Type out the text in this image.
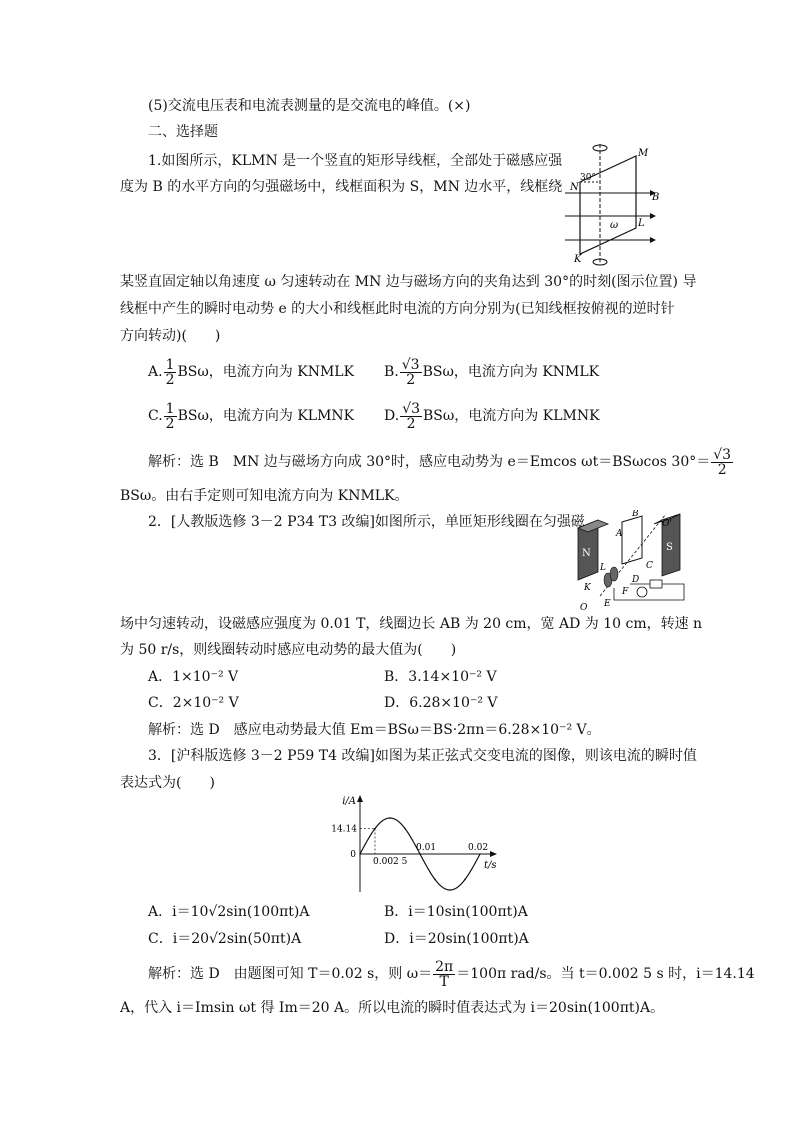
(5)交流电压表和电流表测量的是交流电的峰值。(×)
二、选择题
1.如图所示，KLMN 是一个竖直的矩形导线框，全部处于磁感应强
度为 B 的水平方向的匀强磁场中，线框面积为 S，MN 边水平，线框绕
30°
M
N
B
L
K
ω
某竖直固定轴以角速度 ω 匀速转动在 MN 边与磁场方向的夹角达到 30°的时刻(图示位置) 导
线框中产生的瞬时电动势 e 的大小和线框此时电流的方向分别为(已知线框按俯视的逆时针
方向转动)(　　)
A. $\frac{1}{2}$ BSω，电流方向为 KNMLK B. $\frac{√3}{2}$ BSω，电流方向为 KNMLK
C. $\frac{1}{2}$ BSω，电流方向为 KLMNK D. $\frac{√3}{2}$ BSω，电流方向为 KLMNK
解析：选 B　MN 边与磁场方向成 30°时，感应电动势为 e＝Emcos ωt＝BSωcos $30^\circ= \frac{√3}{2}$
BSω。由右手定则可知电流方向为 KNMLK。
2．[人教版选修 3－2 P34 T3 改编]如图所示，单匝矩形线圈在匀强磁
N
S
B
A
C
D
O'
K
L
E
F
O
场中匀速转动，设磁感应强度为 0.01 T，线圈边长 AB 为 20 cm，宽 AD 为 10 cm，转速 n
为 50 r/s，则线圈转动时感应电动势的最大值为(　　)
A．1×10⁻² V	B．3.14×10⁻² V
C．2×10⁻² V	D．6.28×10⁻² V
解析：选 D　感应电动势最大值 Em＝BSω＝BS·2πn＝6.28×10⁻² V。
3．[沪科版选修 3－2 P59 T4 改编]如图为某正弦式交变电流的图像，则该电流的瞬时值
表达式为(　　)
i/A
t/s
14.14
0
0.002 5
0.01	0.02
A．i＝10√2sin(100πt)A	B．i＝10sin(100πt)A
C．i＝20√2sin(50πt)A	D．i＝20sin(100πt)A
解析：选 D　由题图可知 T＝0.02 s，则 $\omega= \frac{2\pi}{T} =100\pi$ rad/s。当 t＝0.002 5 s 时，i＝14.14
A，代入 i＝Imsin ωt 得 Im＝20 A。所以电流的瞬时值表达式为 i＝20sin(100πt)A。
